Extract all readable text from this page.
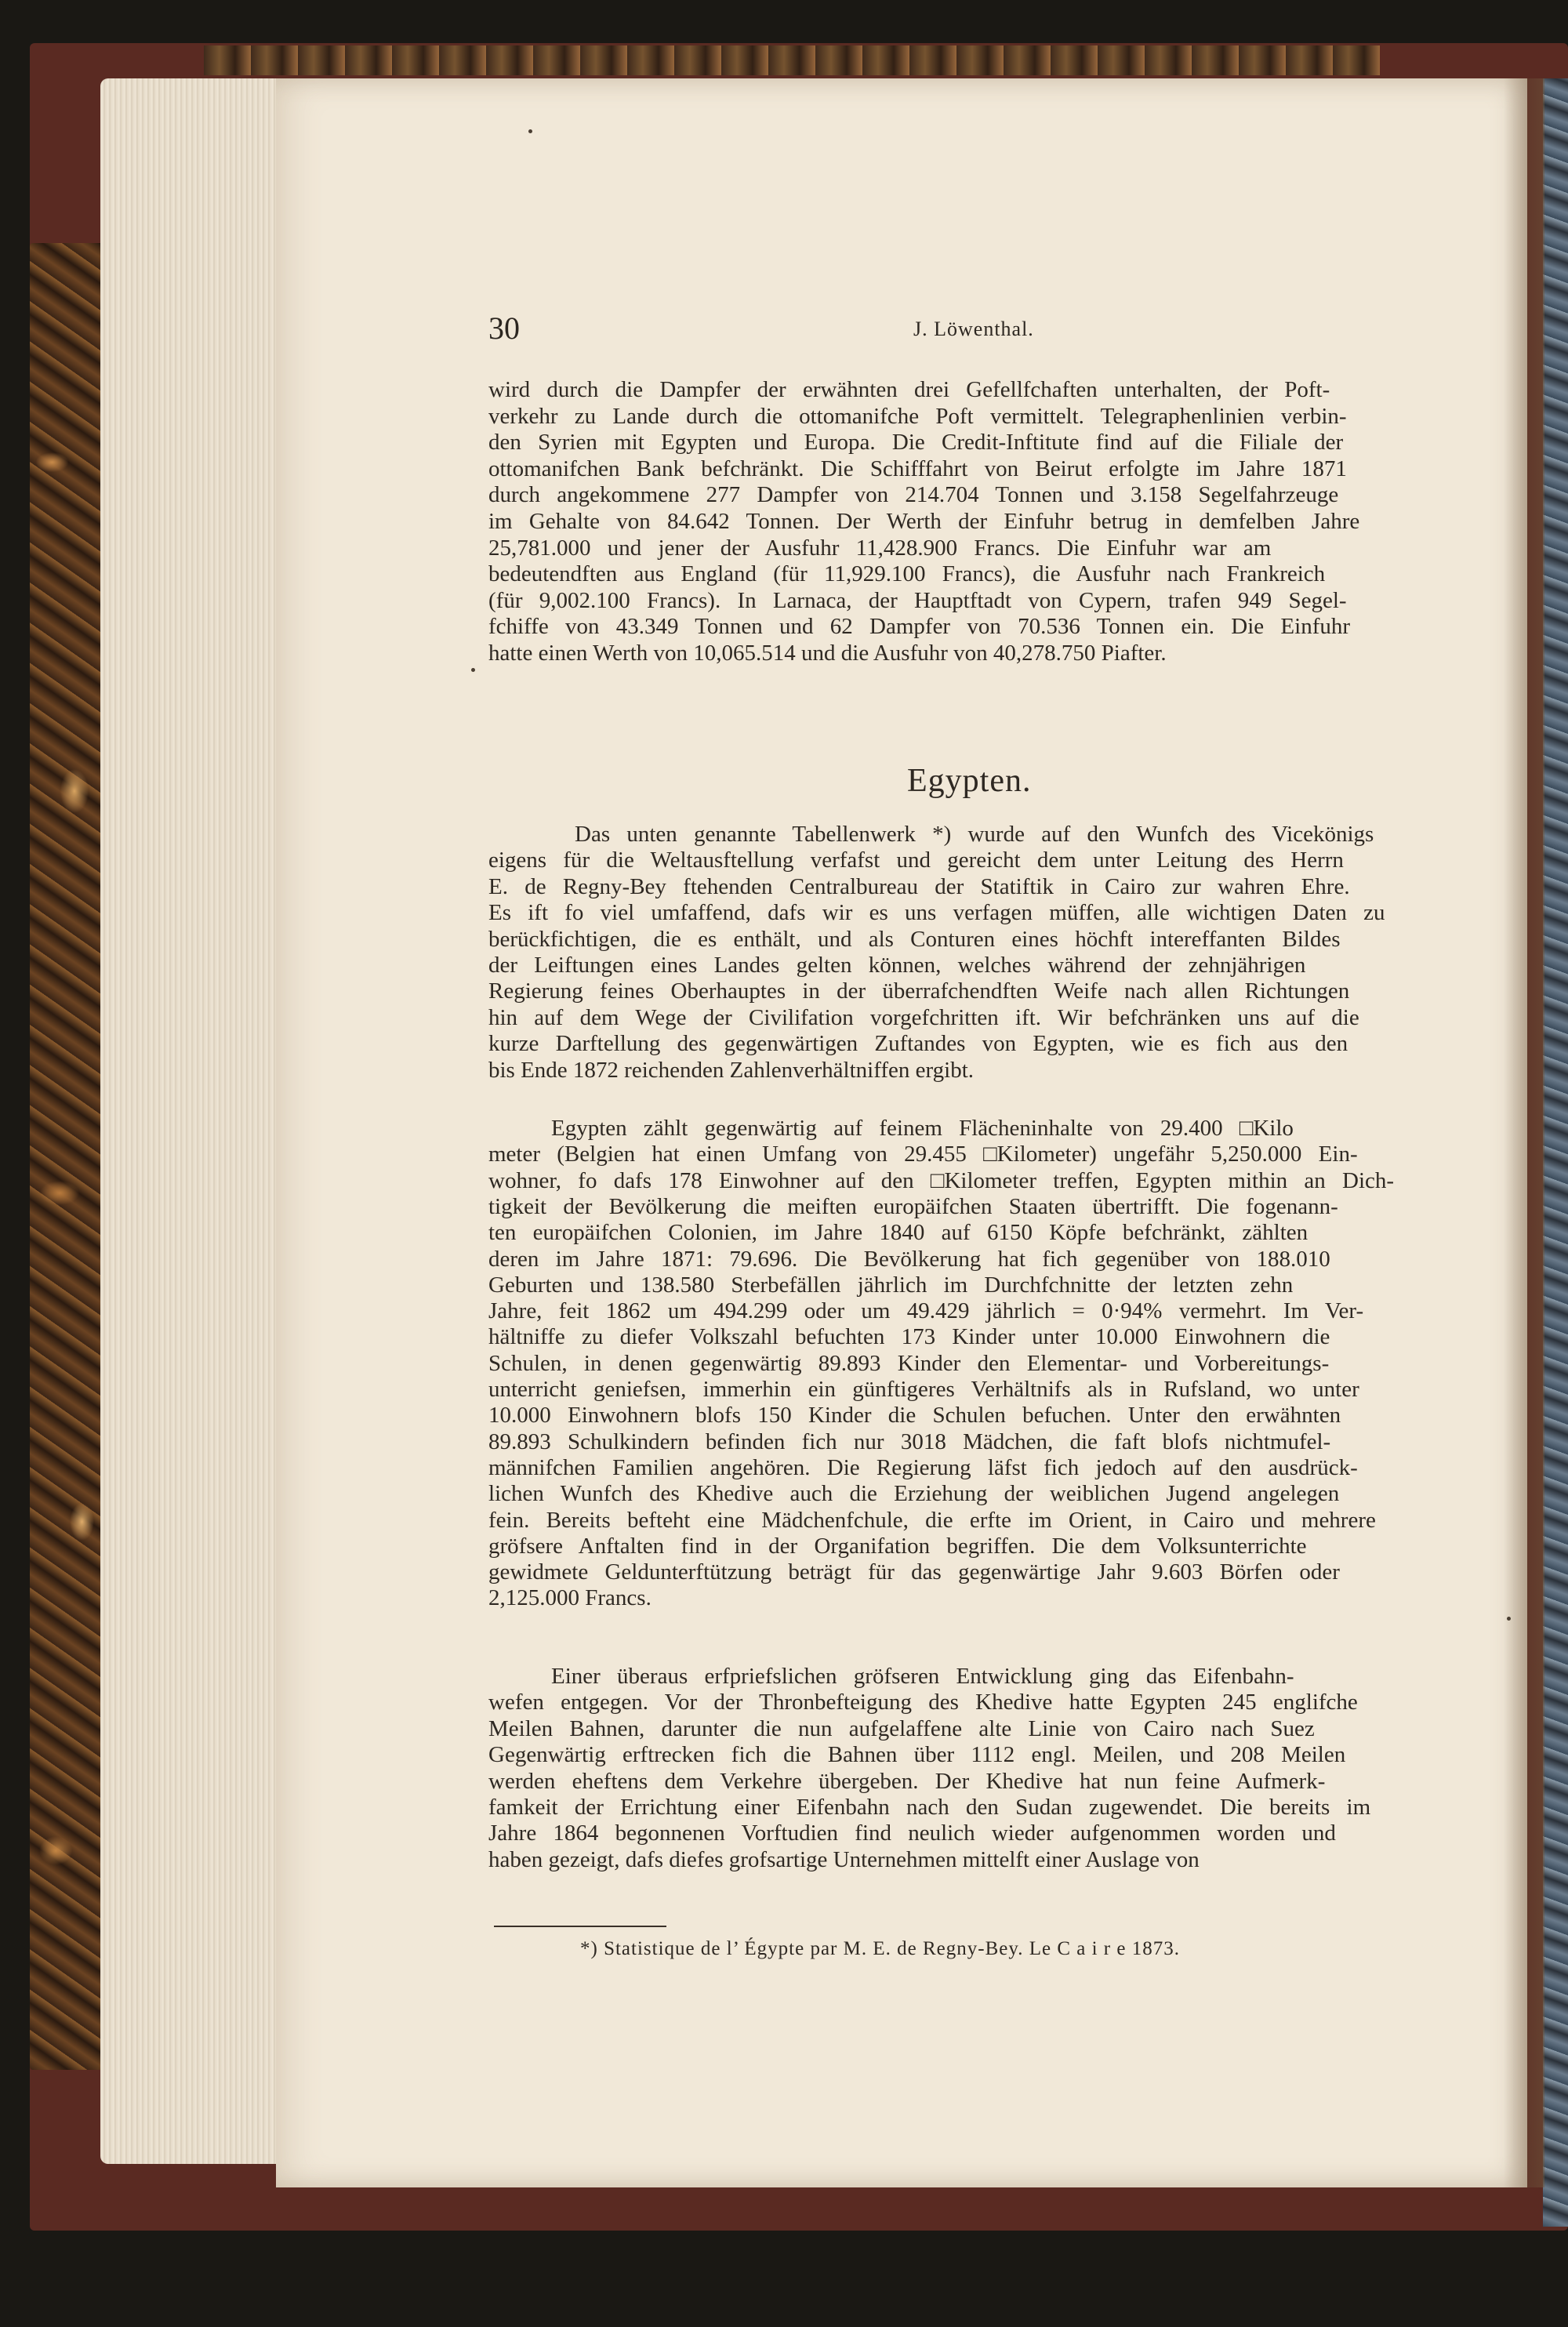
30	J. Löwenthal.
wird durch die Dampfer der erwähnten drei Gefellfchaften unterhalten, der Poft-
verkehr zu Lande durch die ottomanifche Poft vermittelt. Telegraphenlinien verbin-
den Syrien mit Egypten und Europa. Die Credit-Inftitute find auf die Filiale der
ottomanifchen Bank befchränkt. Die Schifffahrt von Beirut erfolgte im Jahre 1871
durch angekommene 277 Dampfer von 214.704 Tonnen und 3.158 Segelfahrzeuge
im Gehalte von 84.642 Tonnen. Der Werth der Einfuhr betrug in demfelben Jahre
25,781.000 und jener der Ausfuhr 11,428.900 Francs. Die Einfuhr war am
bedeutendften aus England (für 11,929.100 Francs), die Ausfuhr nach Frankreich
(für 9,002.100 Francs). In Larnaca, der Hauptftadt von Cypern, trafen 949 Segel-
fchiffe von 43.349 Tonnen und 62 Dampfer von 70.536 Tonnen ein. Die Einfuhr
hatte einen Werth von 10,065.514 und die Ausfuhr von 40,278.750 Piafter.
Egypten.
Das unten genannte Tabellenwerk *) wurde auf den Wunfch des Vicekönigs
eigens für die Weltausftellung verfafst und gereicht dem unter Leitung des Herrn
E. de Regny-Bey ftehenden Centralbureau der Statiftik in Cairo zur wahren Ehre.
Es ift fo viel umfaffend, dafs wir es uns verfagen müffen, alle wichtigen Daten zu
berückfichtigen, die es enthält, und als Conturen eines höchft intereffanten Bildes
der Leiftungen eines Landes gelten können, welches während der zehnjährigen
Regierung feines Oberhauptes in der überrafchendften Weife nach allen Richtungen
hin auf dem Wege der Civilifation vorgefchritten ift. Wir befchränken uns auf die
kurze Darftellung des gegenwärtigen Zuftandes von Egypten, wie es fich aus den
bis Ende 1872 reichenden Zahlenverhältniffen ergibt.
Egypten zählt gegenwärtig auf feinem Flächeninhalte von 29.400 □Kilo
meter (Belgien hat einen Umfang von 29.455 □Kilometer) ungefähr 5,250.000 Ein-
wohner, fo dafs 178 Einwohner auf den □Kilometer treffen, Egypten mithin an Dich-
tigkeit der Bevölkerung die meiften europäifchen Staaten übertrifft. Die fogenann-
ten europäifchen Colonien, im Jahre 1840 auf 6150 Köpfe befchränkt, zählten
deren im Jahre 1871: 79.696. Die Bevölkerung hat fich gegenüber von 188.010
Geburten und 138.580 Sterbefällen jährlich im Durchfchnitte der letzten zehn
Jahre, feit 1862 um 494.299 oder um 49.429 jährlich = 0·94% vermehrt. Im Ver-
hältniffe zu diefer Volkszahl befuchten 173 Kinder unter 10.000 Einwohnern die
Schulen, in denen gegenwärtig 89.893 Kinder den Elementar- und Vorbereitungs-
unterricht geniefsen, immerhin ein günftigeres Verhältnifs als in Rufsland, wo unter
10.000 Einwohnern blofs 150 Kinder die Schulen befuchen. Unter den erwähnten
89.893 Schulkindern befinden fich nur 3018 Mädchen, die faft blofs nichtmufel-
männifchen Familien angehören. Die Regierung läfst fich jedoch auf den ausdrück-
lichen Wunfch des Khedive auch die Erziehung der weiblichen Jugend angelegen
fein. Bereits befteht eine Mädchenfchule, die erfte im Orient, in Cairo und mehrere
gröfsere Anftalten find in der Organifation begriffen. Die dem Volksunterrichte
gewidmete Geldunterftützung beträgt für das gegenwärtige Jahr 9.603 Börfen oder
2,125.000 Francs.
Einer überaus erfpriefslichen gröfseren Entwicklung ging das Eifenbahn-
wefen entgegen. Vor der Thronbefteigung des Khedive hatte Egypten 245 englifche
Meilen Bahnen, darunter die nun aufgelaffene alte Linie von Cairo nach Suez
Gegenwärtig erftrecken fich die Bahnen über 1112 engl. Meilen, und 208 Meilen
werden eheftens dem Verkehre übergeben. Der Khedive hat nun feine Aufmerk-
famkeit der Errichtung einer Eifenbahn nach den Sudan zugewendet. Die bereits im
Jahre 1864 begonnenen Vorftudien find neulich wieder aufgenommen worden und
haben gezeigt, dafs diefes grofsartige Unternehmen mittelft einer Auslage von
*) Statistique de l’ Égypte par M. E. de Regny-Bey. Le C a i r e 1873.
